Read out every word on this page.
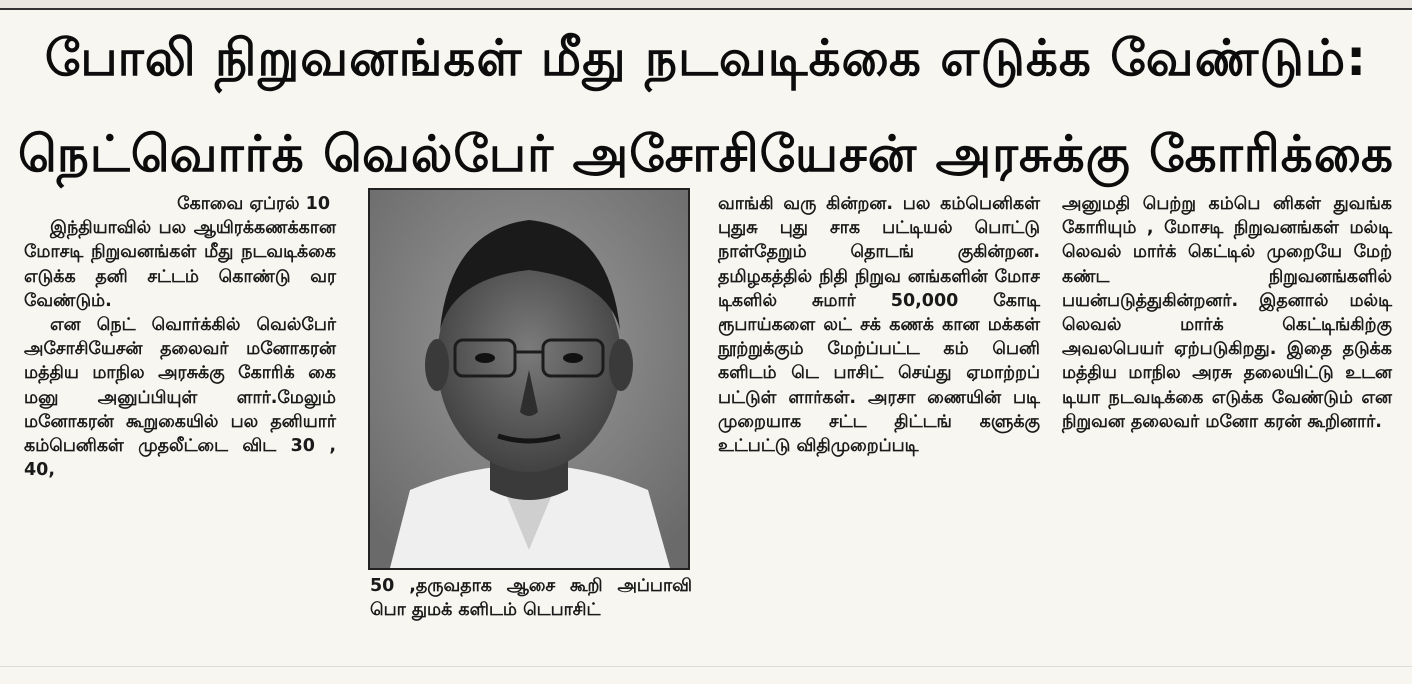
போலி நிறுவனங்கள் மீது நடவடிக்கை எடுக்க வேண்டும்:
நெட்வொர்க் வெல்பேர் அசோசியேசன் அரசுக்கு கோரிக்கை

கோவை ஏப்ரல் 10

இந்தியாவில் பல ஆயிரக்கணக்கான மோசடி நிறுவனங்கள் மீது நடவடிக்கை எடுக்க தனி சட்டம் கொண்டு வர வேண்டும்.

என நெட் வொர்க்கில் வெல்பேர் அசோசியேசன் தலைவர் மனோகரன் மத்திய மாநில அரசுக்கு கோரிக் கை மனு அனுப்பியுள் ளார்.மேலும் மனோகரன் கூறுகையில் பல தனியார் கம்பெனிகள் முதலீட்டை விட 30 , 40,

50 ,தருவதாக ஆசை கூறி அப்பாவி பொ துமக் களிடம் டெபாசிட்

வாங்கி வரு கின்றன. பல கம்பெனிகள் புதுசு புது சாக பட்டியல் பொட்டு நாள்தேறும் தொடங் குகின்றன. தமிழகத்தில் நிதி நிறுவ னங்களின் மோச டிகளில் சுமார் 50,000 கோடி ரூபாய்களை லட் சக் கணக் கான மக்கள் நூற்றுக்கும் மேற்ப்பட்ட கம் பெனி களிடம் டெ பாசிட் செய்து ஏமாற்றப் பட்டுள் ளார்கள். அரசா ணையின் படி முறையாக சட்ட திட்டங் களுக்கு உட்பட்டு விதிமுறைப்படி

அனுமதி பெற்று கம்பெ னிகள் துவங்க கோரியும் , மோசடி நிறுவனங்கள் மல்டி லெவல் மார்க் கெட்டில் முறையே மேற் கண்ட நிறுவனங்களில் பயன்படுத்துகின்றனர். இதனால் மல்டி லெவல் மார்க் கெட்டிங்கிற்கு அவலபெயர் ஏற்படுகிறது. இதை தடுக்க மத்திய மாநில அரசு தலையிட்டு உடன டியா நடவடிக்கை எடுக்க வேண்டும் என நிறுவன தலைவர் மனோ கரன் கூறினார்.
